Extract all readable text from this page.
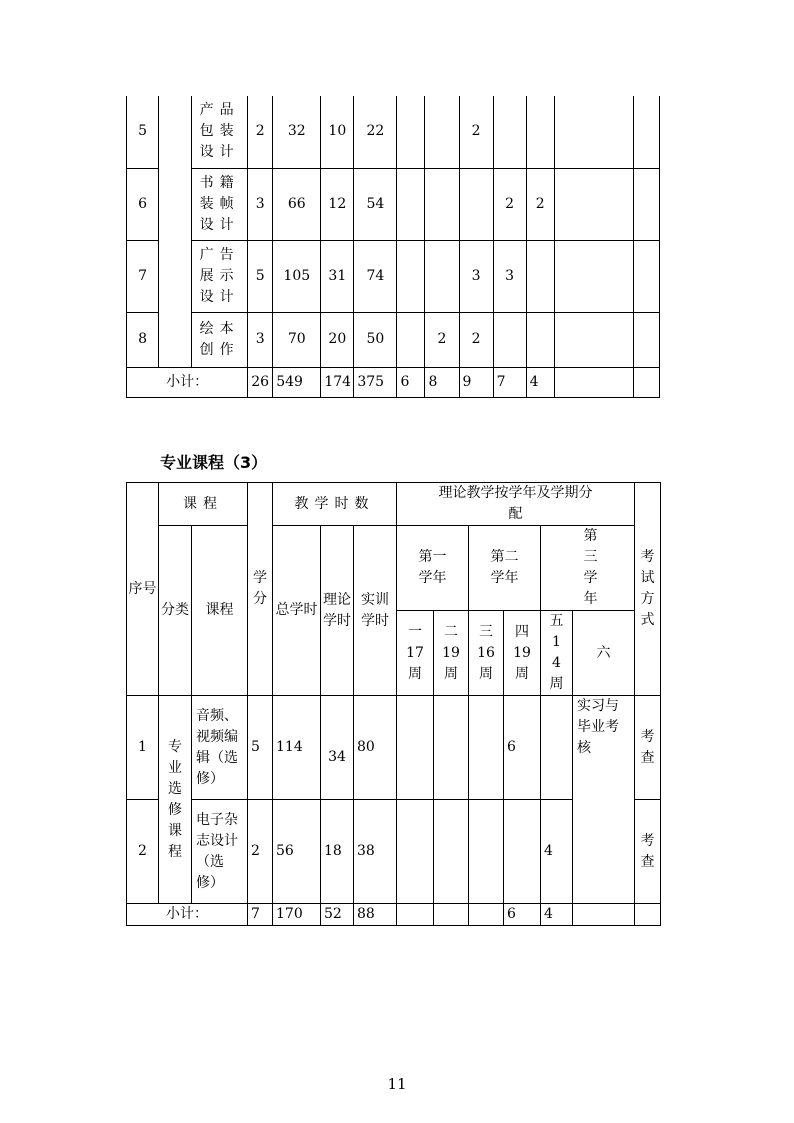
5		产品包装设计	2	32	10	22			2				
6		书籍装帧设计	3	66	12	54				2	2		
7		广告展示设计	5	105	31	74			3	3			
8		绘本创作	3	70	20	50		2	2				
小计：			26	549	174	375	6	8	9	7	4		
专业课程（3）
序号	课程		学分	教学时数			理论教学按学年及学期分配						考试方式
	分类	课程		总学时	理论学时	实训学时	第一学年		第二学年		第三学年		
							一17周	二19周	三16周	四19周	五14周	六	
1	专业选修课程	音频、视频编辑（选修）	5	114	34	80				6		实习与毕业考核	考查
2		电子杂志设计（选修）	2	56	18	38					4		考查
小计：			7	170	52	88				6	4		
11
